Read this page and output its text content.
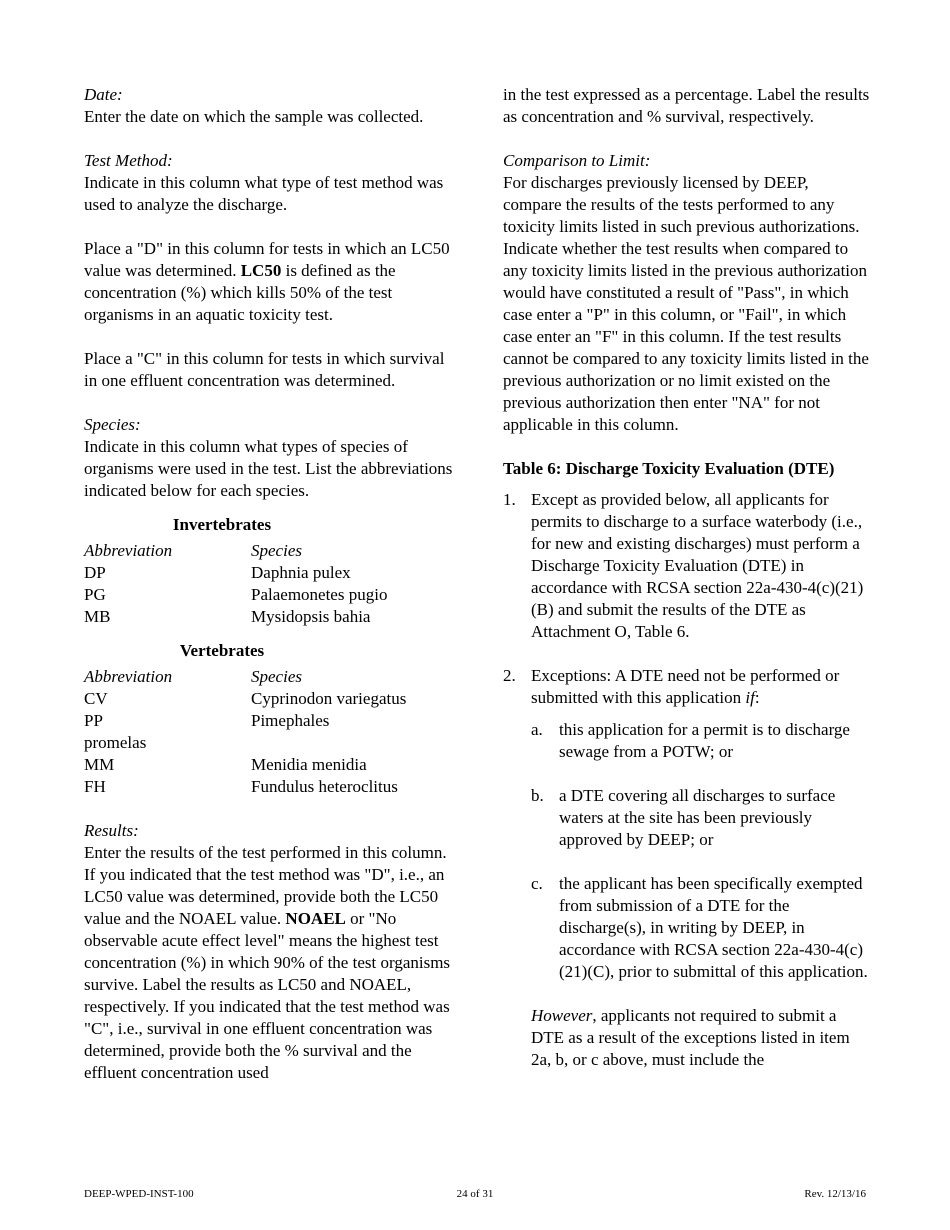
Date:
Enter the date on which the sample was collected.

Test Method:
Indicate in this column what type of test method was used to analyze the discharge.

Place a "D" in this column for tests in which an LC50 value was determined. LC50 is defined as the concentration (%) which kills 50% of the test organisms in an aquatic toxicity test.

Place a "C" in this column for tests in which survival in one effluent concentration was determined.

Species:
Indicate in this column what types of species of organisms were used in the test. List the abbreviations indicated below for each species.

Invertebrates
Abbreviation	Species
DP	Daphnia pulex
PG	Palaemonetes pugio
MB	Mysidopsis bahia
Vertebrates
Abbreviation	Species
CV	Cyprinodon variegatus
PP	Pimephales
promelas	
MM	Menidia menidia
FH	Fundulus heteroclitus

Results:
Enter the results of the test performed in this column. If you indicated that the test method was "D", i.e., an LC50 value was determined, provide both the LC50 value and the NOAEL value. NOAEL or "No observable acute effect level" means the highest test concentration (%) in which 90% of the test organisms survive. Label the results as LC50 and NOAEL, respectively. If you indicated that the test method was "C", i.e., survival in one effluent concentration was determined, provide both the % survival and the effluent concentration used

in the test expressed as a percentage. Label the results as concentration and % survival, respectively.

Comparison to Limit:
For discharges previously licensed by DEEP, compare the results of the tests performed to any toxicity limits listed in such previous authorizations. Indicate whether the test results when compared to any toxicity limits listed in the previous authorization would have constituted a result of "Pass", in which case enter a "P" in this column, or "Fail", in which case enter an "F" in this column. If the test results cannot be compared to any toxicity limits listed in the previous authorization or no limit existed on the previous authorization then enter "NA" for not applicable in this column.

Table 6: Discharge Toxicity Evaluation (DTE)
1. Except as provided below, all applicants for permits to discharge to a surface waterbody (i.e., for new and existing discharges) must perform a Discharge Toxicity Evaluation (DTE) in accordance with RCSA section 22a-430-4(c)(21)(B) and submit the results of the DTE as Attachment O, Table 6.
2. Exceptions: A DTE need not be performed or submitted with this application if:
a. this application for a permit is to discharge sewage from a POTW; or
b. a DTE covering all discharges to surface waters at the site has been previously approved by DEEP; or
c. the applicant has been specifically exempted from submission of a DTE for the discharge(s), in writing by DEEP, in accordance with RCSA section 22a-430-4(c)(21)(C), prior to submittal of this application.

However, applicants not required to submit a DTE as a result of the exceptions listed in item 2a, b, or c above, must include the

DEEP-WPED-INST-100	24 of 31	Rev. 12/13/16
